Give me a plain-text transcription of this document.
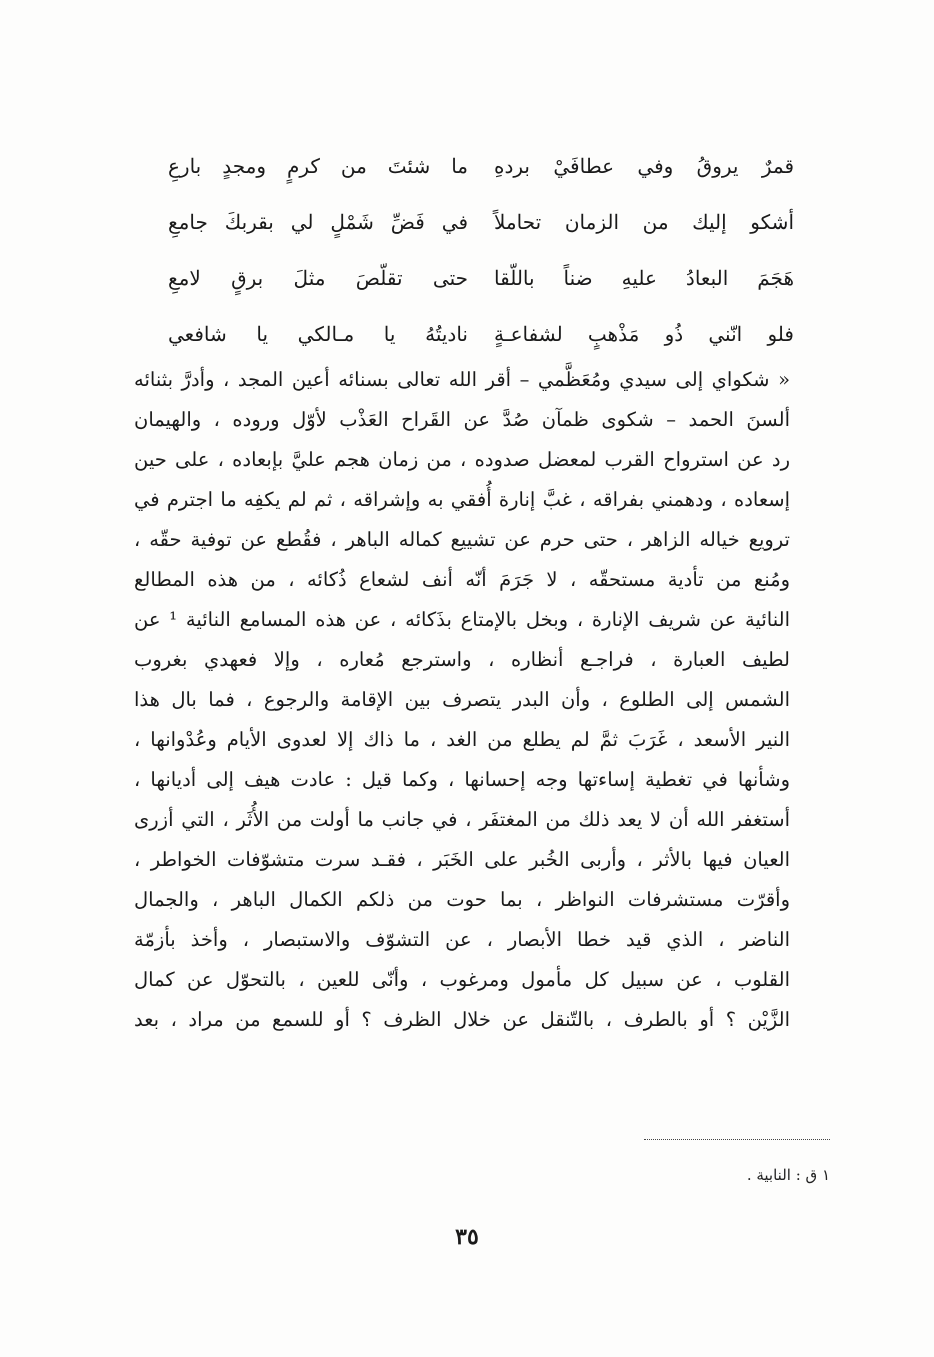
قمرٌ يروقُ وفي عطافَيْ بردهِ
ما شئتَ من كرمٍ ومجدٍ بارعِ
أشكو إليك من الزمان تحاملاً
في فَضِّ شَمْلٍ لي بقربكَ جامعِ
هَجَمَ البعادُ عليهِ ضناً باللّقا
حتى تقلّصَ مثلَ برقٍ لامعِ
فلو انّني ذُو مَذْهبٍ لشفاعـةٍ
ناديتُهُ يا مـالكي يا شافعي
« شكواي إلى سيدي ومُعَظَّمي – أقر الله تعالى بسنائه أعين المجد ، وأدرَّ بثنائه
ألسنَ الحمد – شكوى ظمآن صُدَّ عن القَراح العَذْب لأوّل وروده ، والهيمان
رد عن استرواح القرب لمعضل صدوده ، من زمان هجم عليَّ بإبعاده ، على حين
إسعاده ، ودهمني بفراقه ، غبَّ إنارة أُفقي به وإشراقه ، ثم لم يكفِه ما اجترم في
ترويع خياله الزاهر ، حتى حرم عن تشييع كماله الباهر ، فقُطع عن توفية حقّه ،
ومُنع من تأدية مستحقّه ، لا جَرَمَ أنّه أنف لشعاع ذُكائه ، من هذه المطالع
النائية عن شريف الإنارة ، وبخل بالإمتاع بذَكائه ، عن هذه المسامع النائية ¹ عن
لطيف العبارة ، فراجـع أنظاره ، واسترجع مُعاره ، وإلا فعهدي بغروب
الشمس إلى الطلوع ، وأن البدر يتصرف بين الإقامة والرجوع ، فما بال هذا
النير الأسعد ، غَرَبَ ثمَّ لم يطلع من الغد ، ما ذاك إلا لعدوى الأيام وعُدْوانها ،
وشأنها في تغطية إساءتها وجه إحسانها ، وكما قيل : عادت هيف إلى أديانها ،
أستغفر الله أن لا يعد ذلك من المغتفَر ، في جانب ما أولت من الأُثَر ، التي أزرى
العيان فيها بالأثر ، وأربى الخُبر على الخَبَر ، فقـد سرت متشوّفات الخواطر ،
وأقرّت مستشرفات النواظر ، بما حوت من ذلكم الكمال الباهر ، والجمال
الناضر ، الذي قيد خطا الأبصار ، عن التشوّف والاستبصار ، وأخذ بأزمّة
القلوب ، عن سبيل كل مأمول ومرغوب ، وأنّى للعين ، بالتحوّل عن كمال
الزَّيْن ؟ أو بالطرف ، بالتّنقل عن خلال الظرف ؟ أو للسمع من مراد ، بعد
١ ق : النابية .
٣٥
